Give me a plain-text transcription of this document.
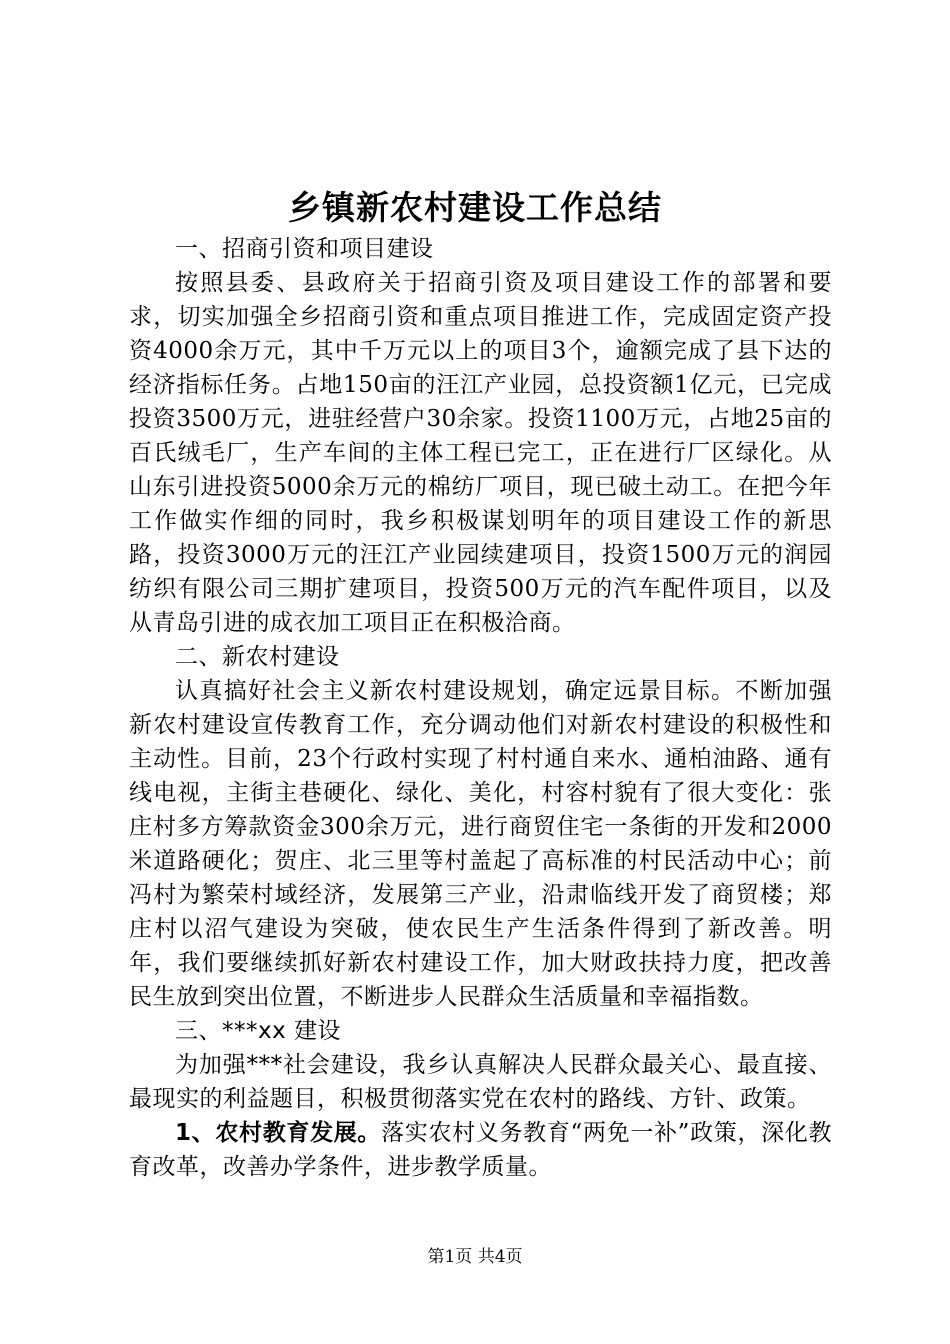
乡镇新农村建设工作总结

一、招商引资和项目建设

按照县委、县政府关于招商引资及项目建设工作的部署和要求，切实加强全乡招商引资和重点项目推进工作，完成固定资产投资4000余万元，其中千万元以上的项目3个，逾额完成了县下达的经济指标任务。占地150亩的汪江产业园，总投资额1亿元，已完成投资3500万元，进驻经营户30余家。投资1100万元，占地25亩的百氏绒毛厂，生产车间的主体工程已完工，正在进行厂区绿化。从山东引进投资5000余万元的棉纺厂项目，现已破土动工。在把今年工作做实作细的同时，我乡积极谋划明年的项目建设工作的新思路，投资3000万元的汪江产业园续建项目，投资1500万元的润园纺织有限公司三期扩建项目，投资500万元的汽车配件项目，以及从青岛引进的成衣加工项目正在积极洽商。

二、新农村建设

认真搞好社会主义新农村建设规划，确定远景目标。不断加强新农村建设宣传教育工作，充分调动他们对新农村建设的积极性和主动性。目前，23个行政村实现了村村通自来水、通柏油路、通有线电视，主街主巷硬化、绿化、美化，村容村貌有了很大变化：张庄村多方筹款资金300余万元，进行商贸住宅一条街的开发和2000米道路硬化；贺庄、北三里等村盖起了高标准的村民活动中心；前冯村为繁荣村域经济，发展第三产业，沿肃临线开发了商贸楼；郑庄村以沼气建设为突破，使农民生产生活条件得到了新改善。明年，我们要继续抓好新农村建设工作，加大财政扶持力度，把改善民生放到突出位置，不断进步人民群众生活质量和幸福指数。

三、***xx 建设

为加强***社会建设，我乡认真解决人民群众最关心、最直接、最现实的利益题目，积极贯彻落实党在农村的路线、方针、政策。

1、农村教育发展。落实农村义务教育“两免一补”政策，深化教育改革，改善办学条件，进步教学质量。

第1页 共4页
